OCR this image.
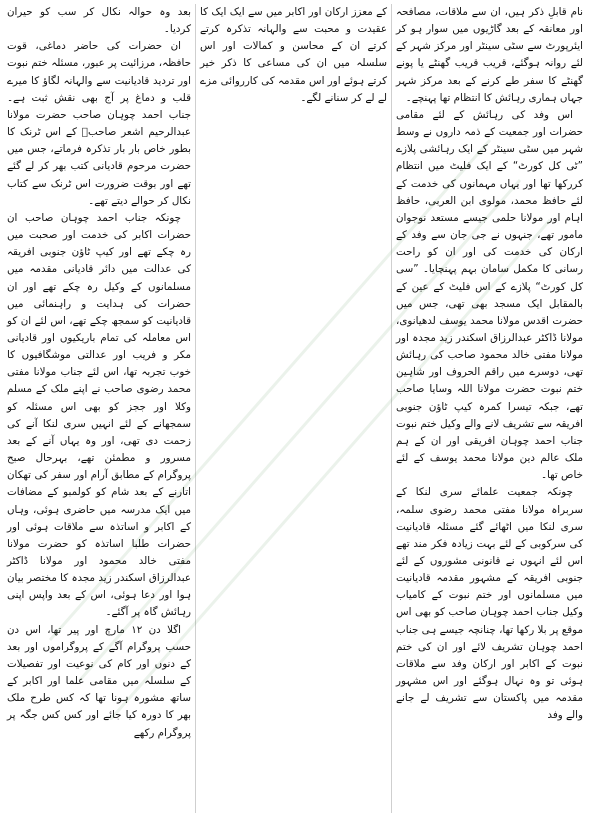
نام قابلِ ذکر ہیں، ان سے ملاقات، مصافحہ اور معانقہ کے بعد گاڑیوں میں سوار ہو کر ایئرپورٹ سے سٹی سینٹر اور مرکز شہر کے لئے روانہ ہوگئے، قریب قریب گھنٹے یا پونے گھنٹے کا سفر طے کرنے کے بعد مرکز شہر جہاں ہماری رہائش کا انتظام تھا پہنچے۔

اس وفد کی رہائش کے لئے مقامی حضرات اور جمعیت کے ذمہ داروں نے وسط شہر میں سٹی سینٹر کے ایک رہائشی پلازے ”ٹی کل کورٹ“ کے ایک فلیٹ میں انتظام کررکھا تھا اور یہاں مہمانوں کی خدمت کے لئے حافظ محمد، مولوی ابن العربی، حافظ اہام اور مولانا حلمی جیسے مستعد نوجوان مامور تھے، جنہوں نے جی جان سے وفد کے ارکان کی خدمت کی اور ان کو راحت رسانی کا مکمل سامان بہم پہنچایا۔ ”سی کل کورٹ“ پلازے کے اس فلیٹ کے عین کے بالمقابل ایک مسجد بھی تھی، جس میں حضرت اقدس مولانا محمد یوسف لدھیانوی، مولانا ڈاکٹر عبدالرزاق اسکندر زید مجدہ اور مولانا مفتی خالد محمود صاحب کی رہائش تھی، دوسرے میں راقم الحروف اور شاہین ختم نبوت حضرت مولانا اللہ وسایا صاحب تھے، جبکہ تیسرا کمرہ کیپ ٹاؤن جنوبی افریقہ سے تشریف لانے والے وکیل ختم نبوت جناب احمد چوہان افریقی اور ان کے ہم ملک عالم دین مولانا محمد یوسف کے لئے خاص تھا۔

چونکہ جمعیت علمائے سری لنکا کے سربراہ مولانا مفتی محمد رضوی سلمہ، سری لنکا میں اٹھائے گئے مسئلہ قادیانیت کی سرکوبی کے لئے بہت زیادہ فکر مند تھے اس لئے انہوں نے قانونی مشوروں کے لئے جنوبی افریقہ کے مشہور مقدمہ قادیانیت میں مسلمانوں اور ختم نبوت کے کامیاب وکیل جناب احمد چوہان صاحب کو بھی اس موقع پر بلا رکھا تھا، چنانچہ جیسے ہی جناب احمد چوہان تشریف لائے اور ان کی ختم نبوت کے اکابر اور ارکان وفد سے ملاقات ہوئی تو وہ نہال ہوگئے اور اس مشہور مقدمہ میں پاکستان سے تشریف لے جانے والے وفد

کے معزز ارکان اور اکابر میں سے ایک ایک کا عقیدت و محبت سے والہانہ تذکرہ کرتے کرتے ان کے محاسن و کمالات اور اس سلسلہ میں ان کی مساعی کا ذکر خیر کرتے ہوئے اور اس مقدمہ کی کارروائی مزے لے لے کر سنانے لگے۔

بعد وہ حوالہ نکال کر سب کو حیران کردیا۔

ان حضرات کی حاضر دماغی، قوت حافظہ، مرزائیت پر عبور، مسئلہ ختم نبوت اور تردید قادیانیت سے والہانہ لگاؤ کا میرے قلب و دماغ پر آج بھی نقش ثبت ہے۔ جناب احمد چوہان صاحب حضرت مولانا عبدالرحیم اشعر صاحبؒ کے اس ٹرنک کا بطور خاص بار بار تذکرہ فرماتے، جس میں حضرت مرحوم قادیانی کتب بھر کر لے گئے تھے اور بوقت ضرورت اس ٹرنک سے کتاب نکال کر حوالے دیتے تھے۔

چونکہ جناب احمد چوہان صاحب ان حضرات اکابر کی خدمت اور صحبت میں رہ چکے تھے اور کیپ ٹاؤن جنوبی افریقہ کی عدالت میں دائر قادیانی مقدمہ میں مسلمانوں کے وکیل رہ چکے تھے اور ان حضرات کی ہدایت و راہنمائی میں قادیانیت کو سمجھ چکے تھے، اس لئے ان کو اس معاملہ کی تمام باریکیوں اور قادیانی مکر و فریب اور عدالتی موشگافیوں کا خوب تجربہ تھا، اس لئے جناب مولانا مفتی محمد رضوی صاحب نے اپنے ملک کے مسلم وکلا اور ججز کو بھی اس مسئلہ کو سمجھانے کے لئے انہیں سری لنکا آنے کی زحمت دی تھی، اور وہ یہاں آنے کے بعد مسرور و مطمئن تھے، بہرحال صبح پروگرام کے مطابق آرام اور سفر کی تھکان اتارنے کے بعد شام کو کولمبو کے مضافات میں ایک مدرسہ میں حاضری ہوئی، وہاں کے اکابر و اساتذہ سے ملاقات ہوئی اور حضرات طلبا اساتذہ کو حضرت مولانا مفتی خالد محمود اور مولانا ڈاکٹر عبدالرزاق اسکندر زید مجدہ کا مختصر بیان ہوا اور دعا ہوئی، اس کے بعد واپس اپنی رہائش گاہ پر آگئے۔

اگلا دن ۱۲ مارچ اور پیر تھا، اس دن حسب پروگرام آگے کے پروگراموں اور بعد کے دنوں اور کام کی نوعیت اور تفصیلات کے سلسلہ میں مقامی علما اور اکابر کے ساتھ مشورہ ہونا تھا کہ کس طرح ملک بھر کا دورہ کیا جائے اور کس کس جگہ پر پروگرام رکھے
